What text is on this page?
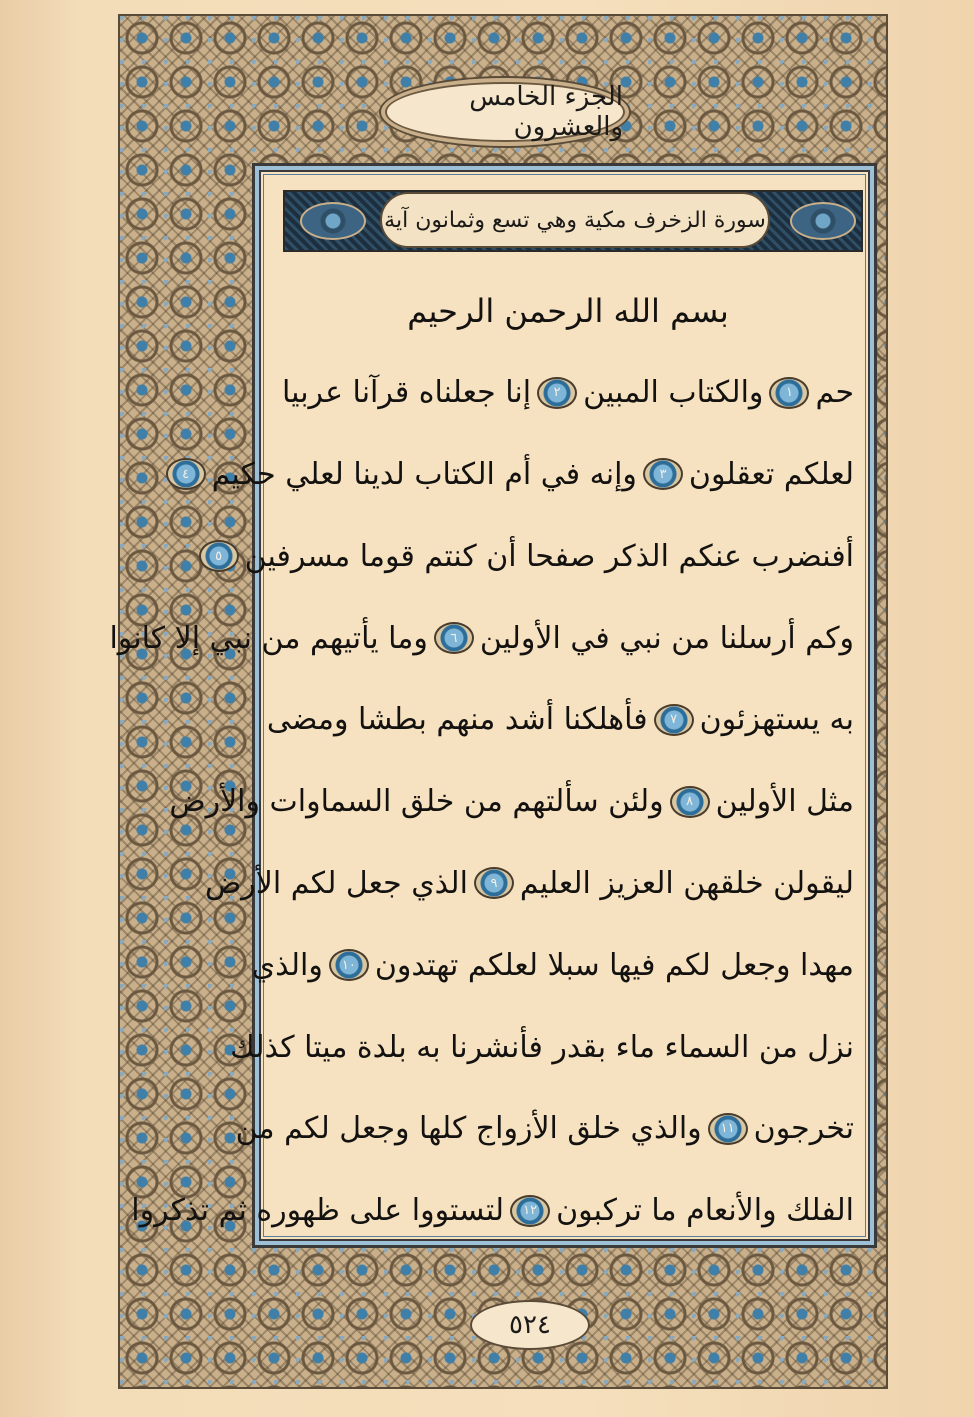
الجزء الخامس والعشرون
سورة الزخرف مكية وهي تسع وثمانون آية
بسم الله الرحمن الرحيم
حم
١
والكتاب المبين
٢
إنا جعلناه قرآنا عربيا
لعلكم تعقلون
٣
وإنه في أم الكتاب لدينا لعلي حكيم
٤
أفنضرب عنكم الذكر صفحا أن كنتم قوما مسرفين
٥
وكم أرسلنا من نبي في الأولين
٦
وما يأتيهم من نبي إلا كانوا
به يستهزئون
٧
فأهلكنا أشد منهم بطشا ومضى
مثل الأولين
٨
ولئن سألتهم من خلق السماوات والأرض
ليقولن خلقهن العزيز العليم
٩
الذي جعل لكم الأرض
مهدا وجعل لكم فيها سبلا لعلكم تهتدون
١٠
والذي
نزل من السماء ماء بقدر فأنشرنا به بلدة ميتا كذلك
تخرجون
١١
والذي خلق الأزواج كلها وجعل لكم من
الفلك والأنعام ما تركبون
١٢
لتستووا على ظهوره ثم تذكروا
٥٢٤
